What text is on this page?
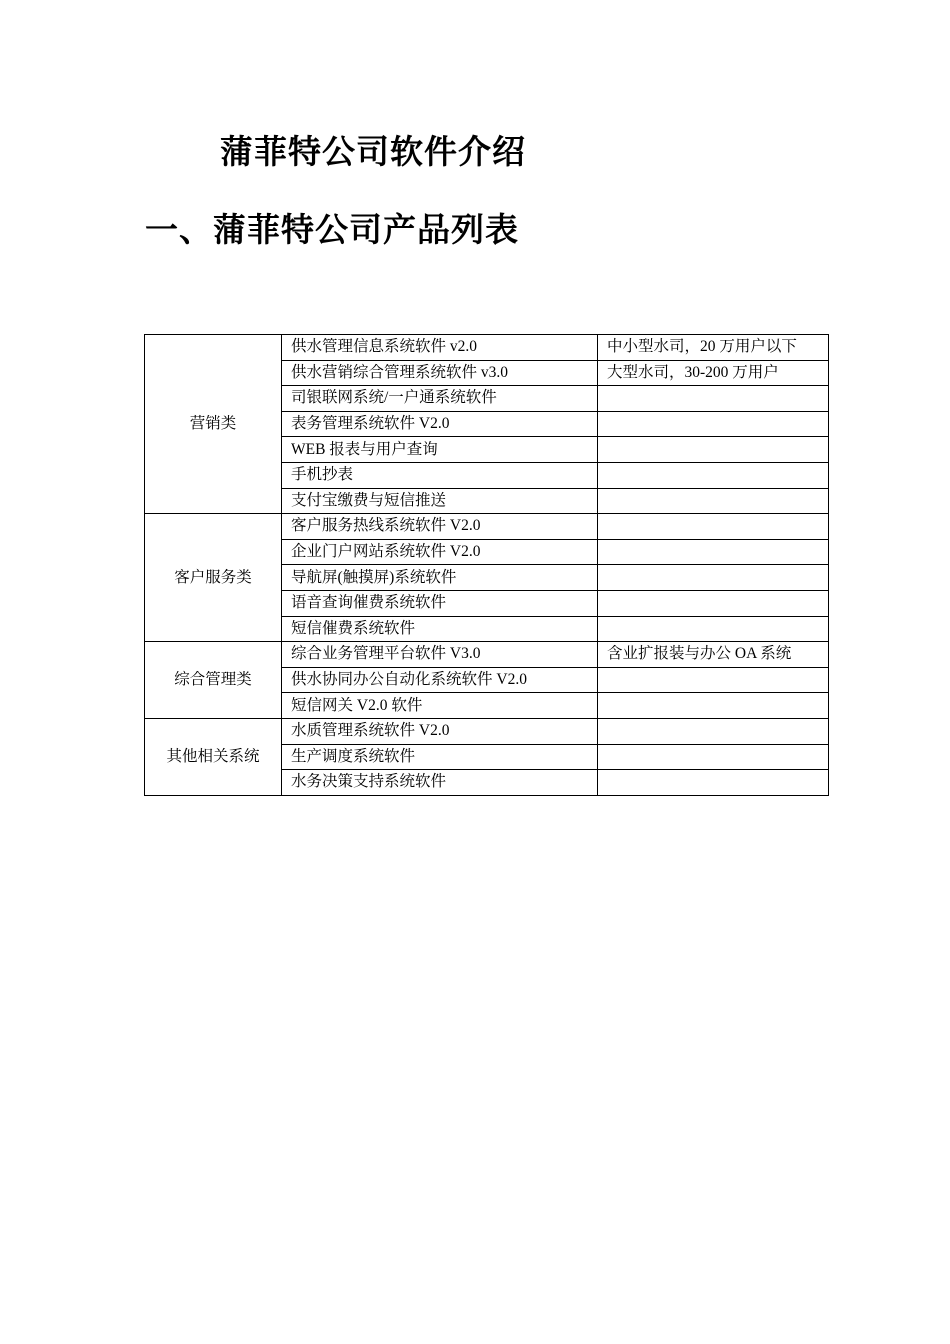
蒲菲特公司软件介绍
一、蒲菲特公司产品列表
营销类	供水管理信息系统软件 v2.0	中小型水司，20 万用户以下
	供水营销综合管理系统软件 v3.0	大型水司，30-200 万用户
	司银联网系统/一户通系统软件	
	表务管理系统软件 V2.0	
	WEB 报表与用户查询	
	手机抄表	
	支付宝缴费与短信推送	
客户服务类	客户服务热线系统软件 V2.0	
	企业门户网站系统软件 V2.0	
	导航屏(触摸屏)系统软件	
	语音查询催费系统软件	
	短信催费系统软件	
综合管理类	综合业务管理平台软件 V3.0	含业扩报装与办公 OA 系统
	供水协同办公自动化系统软件 V2.0	
	短信网关 V2.0 软件	
其他相关系统	水质管理系统软件 V2.0	
	生产调度系统软件	
	水务决策支持系统软件	
